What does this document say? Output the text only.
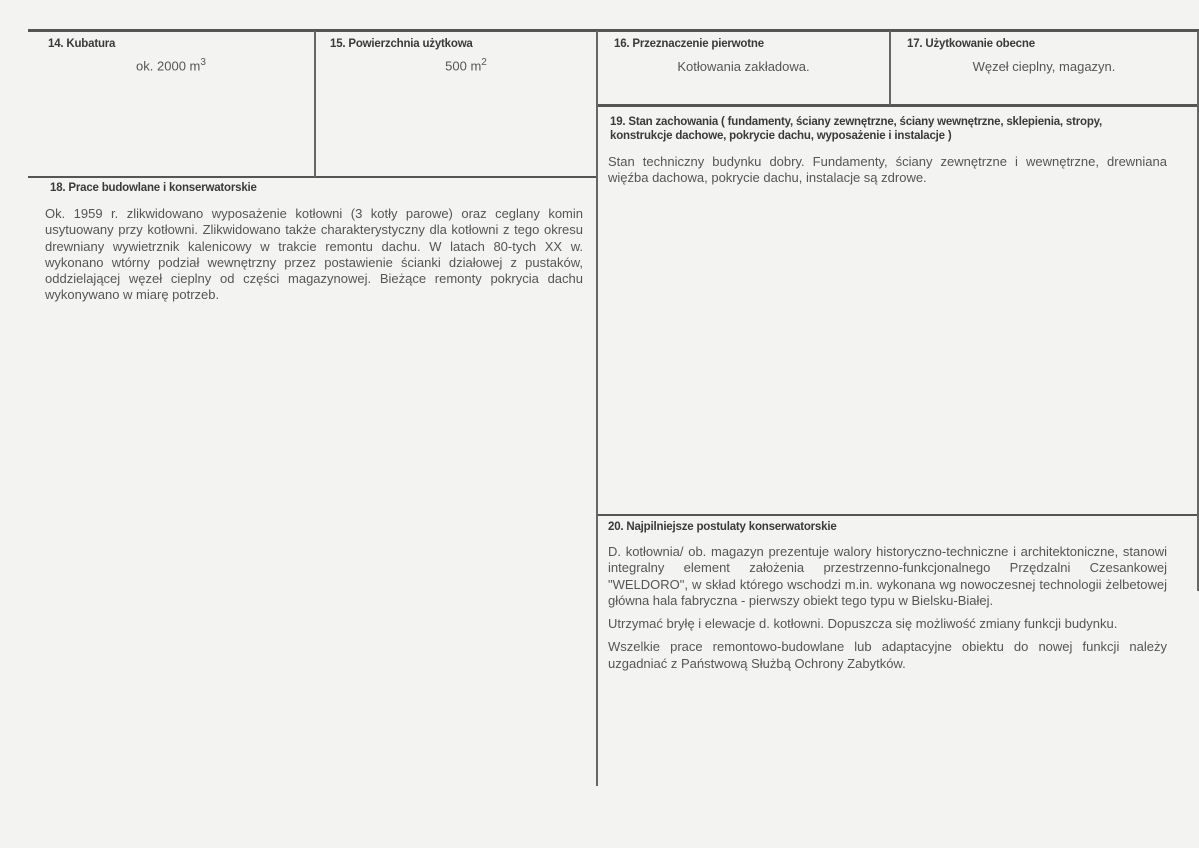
14. Kubatura
ok. 2000 $m^3$
15. Powierzchnia użytkowa
500 $m^2$
16. Przeznaczenie pierwotne
Kotłowania zakładowa.
17. Użytkowanie obecne
Węzeł cieplny, magazyn.
18. Prace budowlane i konserwatorskie
Ok. 1959 r. zlikwidowano wyposażenie kotłowni (3 kotły parowe) oraz ceglany komin usytuowany przy kotłowni. Zlikwidowano także charakterystyczny dla kotłowni z tego okresu drewniany wywietrznik kalenicowy w trakcie remontu dachu. W latach 80-tych XX w. wykonano wtórny podział wewnętrzny przez postawienie ścianki działowej z pustaków, oddzielającej węzeł cieplny od części magazynowej. Bieżące remonty pokrycia dachu wykonywano w miarę potrzeb.
19. Stan zachowania ( fundamenty, ściany zewnętrzne, ściany wewnętrzne, sklepienia, stropy, konstrukcje dachowe, pokrycie dachu, wyposażenie i instalacje )
Stan techniczny budynku dobry. Fundamenty, ściany zewnętrzne i wewnętrzne, drewniana więźba dachowa, pokrycie dachu, instalacje są zdrowe.
20. Najpilniejsze postulaty konserwatorskie

D. kotłownia/ ob. magazyn prezentuje walory historyczno-techniczne i architektoniczne, stanowi integralny element założenia przestrzenno-funkcjonalnego Przędzalni Czesankowej "WELDORO", w skład którego wschodzi m.in. wykonana wg nowoczesnej technologii żelbetowej główna hala fabryczna - pierwszy obiekt tego typu w Bielsku-Białej.

Utrzymać bryłę i elewacje d. kotłowni. Dopuszcza się możliwość zmiany funkcji budynku.

Wszelkie prace remontowo-budowlane lub adaptacyjne obiektu do nowej funkcji należy uzgadniać z Państwową Służbą Ochrony Zabytków.
